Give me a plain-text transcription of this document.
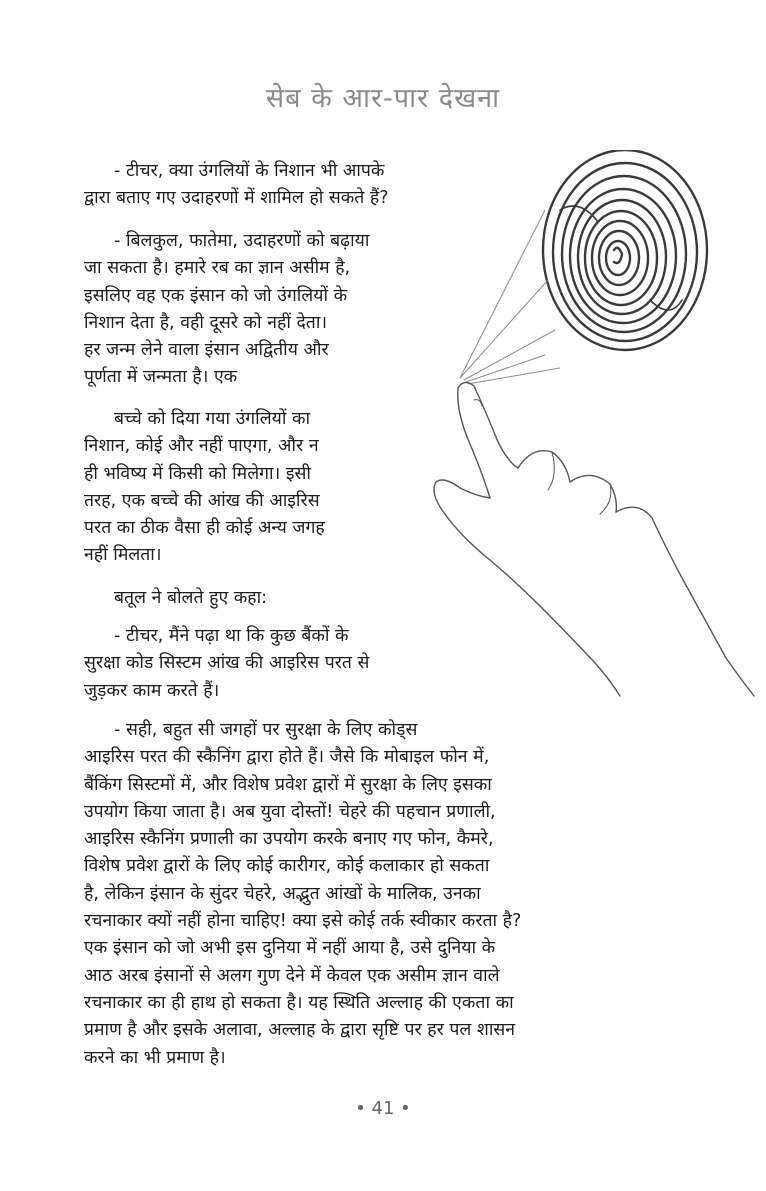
सेब के आर-पार देखना

- टीचर, क्या उंगलियों के निशान भी आपके
द्वारा बताए गए उदाहरणों में शामिल हो सकते हैं?

- बिलकुल, फातेमा, उदाहरणों को बढ़ाया
जा सकता है। हमारे रब का ज्ञान असीम है,
इसलिए वह एक इंसान को जो उंगलियों के
निशान देता है, वही दूसरे को नहीं देता।
हर जन्म लेने वाला इंसान अद्वितीय और
पूर्णता में जन्मता है। एक

बच्चे को दिया गया उंगलियों का
निशान, कोई और नहीं पाएगा, और न
ही भविष्य में किसी को मिलेगा। इसी
तरह, एक बच्चे की आंख की आइरिस
परत का ठीक वैसा ही कोई अन्य जगह
नहीं मिलता।

बतूल ने बोलते हुए कहा:

- टीचर, मैंने पढ़ा था कि कुछ बैंकों के
सुरक्षा कोड सिस्टम आंख की आइरिस परत से
जुड़कर काम करते हैं।

- सही, बहुत सी जगहों पर सुरक्षा के लिए कोड्स
आइरिस परत की स्कैनिंग द्वारा होते हैं। जैसे कि मोबाइल फोन में,
बैंकिंग सिस्टमों में, और विशेष प्रवेश द्वारों में सुरक्षा के लिए इसका
उपयोग किया जाता है। अब युवा दोस्तों! चेहरे की पहचान प्रणाली,
आइरिस स्कैनिंग प्रणाली का उपयोग करके बनाए गए फोन, कैमरे,
विशेष प्रवेश द्वारों के लिए कोई कारीगर, कोई कलाकार हो सकता
है, लेकिन इंसान के सुंदर चेहरे, अद्भुत आंखों के मालिक, उनका
रचनाकार क्यों नहीं होना चाहिए! क्या इसे कोई तर्क स्वीकार करता है?
एक इंसान को जो अभी इस दुनिया में नहीं आया है, उसे दुनिया के
आठ अरब इंसानों से अलग गुण देने में केवल एक असीम ज्ञान वाले
रचनाकार का ही हाथ हो सकता है। यह स्थिति अल्लाह की एकता का
प्रमाण है और इसके अलावा, अल्लाह के द्वारा सृष्टि पर हर पल शासन
करने का भी प्रमाण है।

• 41 •
